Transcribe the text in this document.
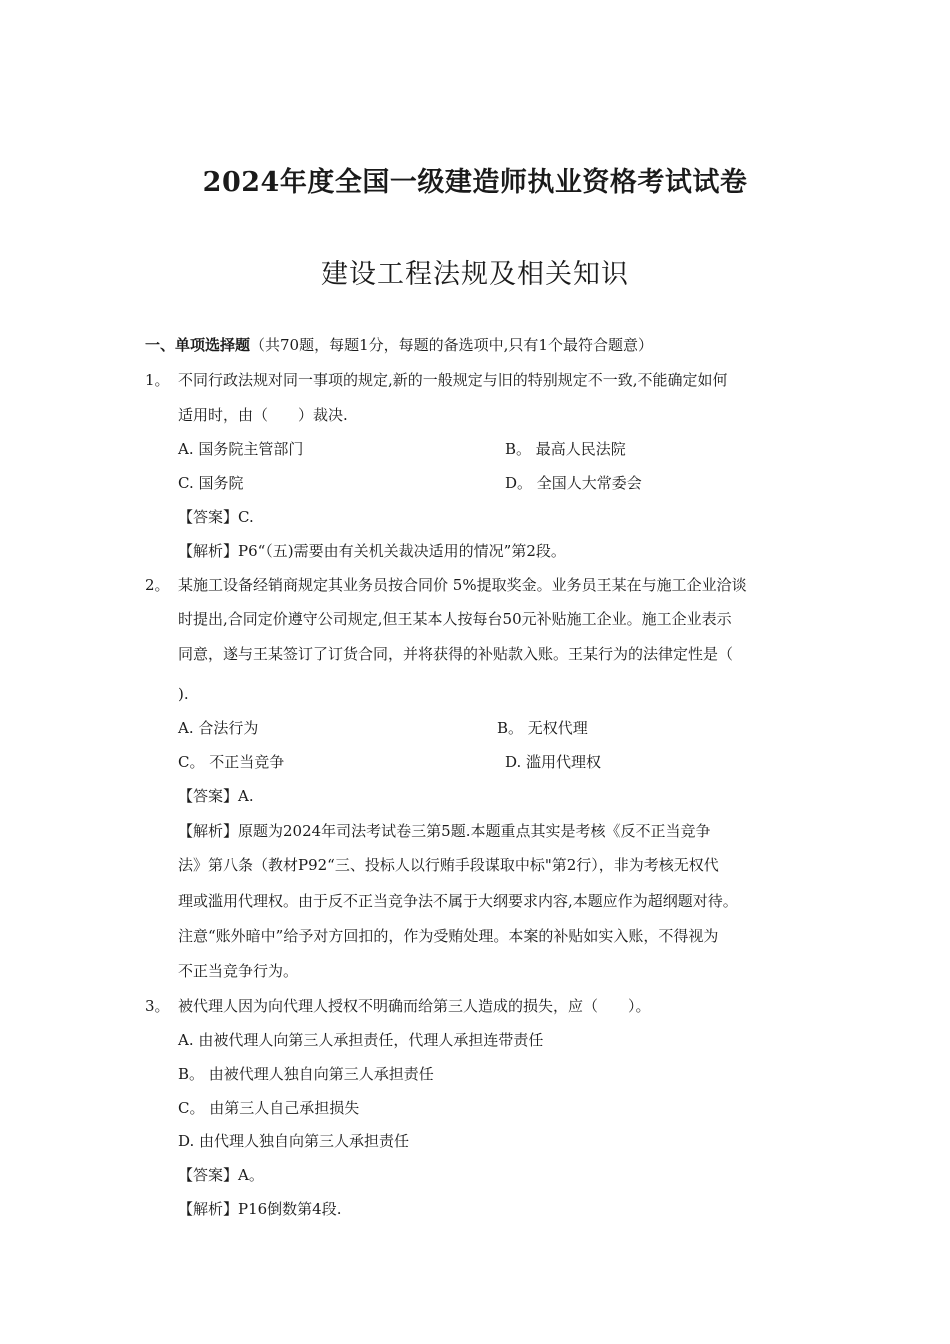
2024年度全国一级建造师执业资格考试试卷
建设工程法规及相关知识
一、单项选择题（共70题，每题1分，每题的备选项中,只有1个最符合题意）
1。 不同行政法规对同一事项的规定,新的一般规定与旧的特别规定不一致,不能确定如何
适用时，由（　　）裁决.
A. 国务院主管部门	B。 最高人民法院
C. 国务院	D。 全国人大常委会
【答案】C.
【解析】P6“（五)需要由有关机关裁决适用的情况”第2段。
2。 某施工设备经销商规定其业务员按合同价 5%提取奖金。业务员王某在与施工企业洽谈
时提出,合同定价遵守公司规定,但王某本人按每台50元补贴施工企业。施工企业表示
同意，遂与王某签订了订货合同，并将获得的补贴款入账。王某行为的法律定性是（
).
A. 合法行为	B。 无权代理
C。 不正当竞争	D. 滥用代理权
【答案】A.
【解析】原题为2024年司法考试卷三第5题.本题重点其实是考核《反不正当竞争
法》第八条（教材P92“三、投标人以行贿手段谋取中标"第2行），非为考核无权代
理或滥用代理权。由于反不正当竞争法不属于大纲要求内容,本题应作为超纲题对待。
注意“账外暗中”给予对方回扣的，作为受贿处理。本案的补贴如实入账，不得视为
不正当竞争行为。
3。 被代理人因为向代理人授权不明确而给第三人造成的损失，应（　　）。
A. 由被代理人向第三人承担责任，代理人承担连带责任
B。 由被代理人独自向第三人承担责任
C。 由第三人自己承担损失
D. 由代理人独自向第三人承担责任
【答案】A。
【解析】P16倒数第4段.
